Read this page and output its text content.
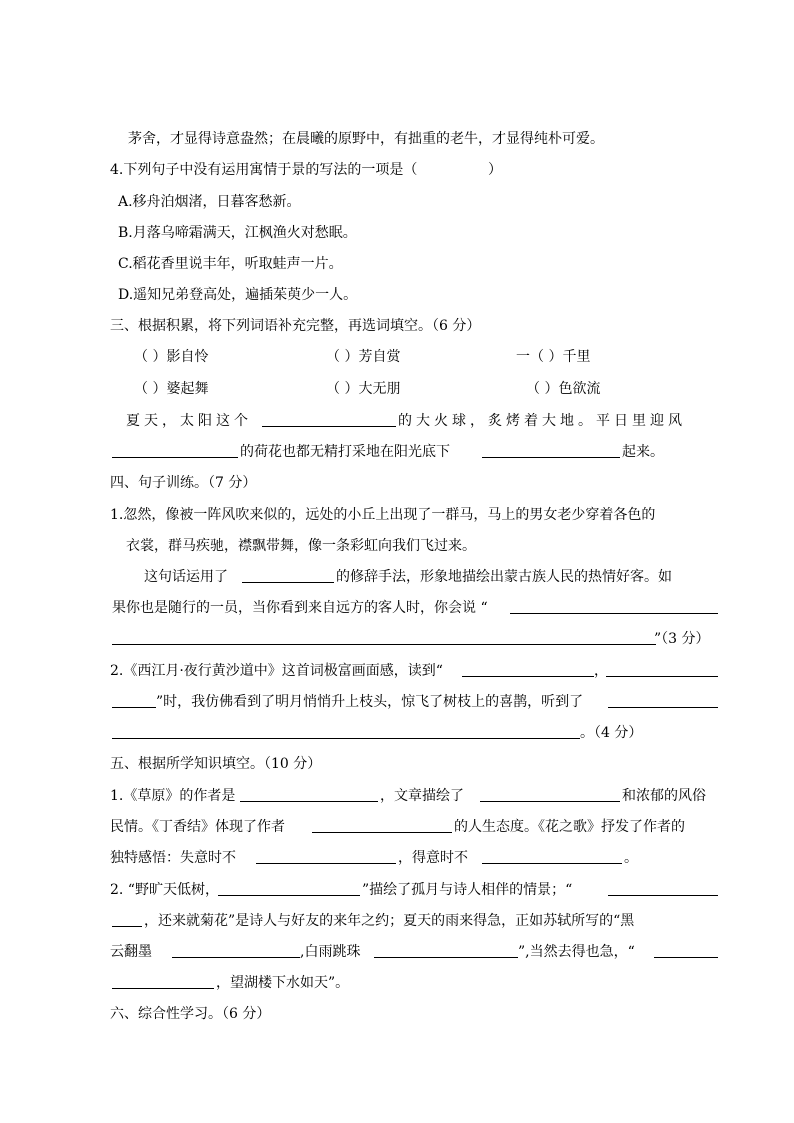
茅舍，才显得诗意盎然；在晨曦的原野中，有拙重的老牛，才显得纯朴可爱。
4.下列句子中没有运用寓情于景的写法的一项是（	）
A.移舟泊烟渚，日暮客愁新。
B.月落乌啼霜满天，江枫渔火对愁眠。
C.稻花香里说丰年，听取蛙声一片。
D.遥知兄弟登高处，遍插茱萸少一人。
三、根据积累，将下列词语补充完整，再选词填空。（6 分）
（ ）影自怜	（ ）芳自赏	一（ ）千里
（ ）婆起舞	（ ）大无朋	（ ）色欲流
夏天，太阳这个	的大火球，炙烤着大地。平日里迎风
的荷花也都无精打采地在阳光底下	起来。
四、句子训练。（7 分）
1.忽然，像被一阵风吹来似的，远处的小丘上出现了一群马，马上的男女老少穿着各色的
衣裳，群马疾驰，襟飘带舞，像一条彩虹向我们飞过来。
这句话运用了	的修辞手法，形象地描绘出蒙古族人民的热情好客。如
果你也是随行的一员，当你看到来自远方的客人时，你会说 “
”（3 分）
2.《西江月·夜行黄沙道中》这首词极富画面感，读到“	，
”时，我仿佛看到了明月悄悄升上枝头，惊飞了树枝上的喜鹊，听到了
。（4 分）
五、根据所学知识填空。（10 分）
1.《草原》的作者是	，文章描绘了	和浓郁的风俗
民情。《丁香结》体现了作者	的人生态度。《花之歌》抒发了作者的
独特感悟：失意时不	，得意时不	。
2. “野旷天低树，	”描绘了孤月与诗人相伴的情景；“
，还来就菊花”是诗人与好友的来年之约；夏天的雨来得急，正如苏轼所写的“黑
云翻墨	,白雨跳珠	”,当然去得也急，“
，望湖楼下水如天”。
六、综合性学习。（6 分）
